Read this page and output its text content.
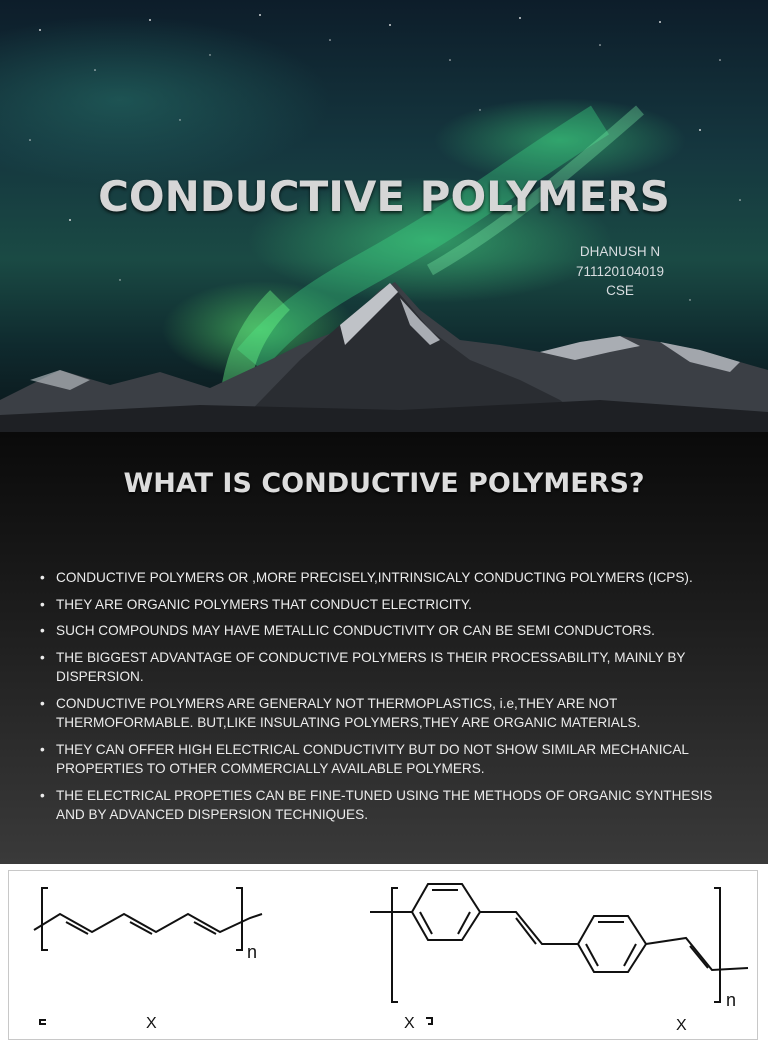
CONDUCTIVE POLYMERS
DHANUSH N
711120104019
CSE
WHAT IS CONDUCTIVE POLYMERS?
• CONDUCTIVE POLYMERS OR ,MORE PRECISELY,INTRINSICALY CONDUCTING POLYMERS (ICPS).
• THEY ARE ORGANIC POLYMERS THAT CONDUCT ELECTRICITY.
• SUCH COMPOUNDS MAY HAVE METALLIC CONDUCTIVITY OR CAN BE SEMI CONDUCTORS.
• THE BIGGEST ADVANTAGE OF CONDUCTIVE POLYMERS IS THEIR PROCESSABILITY, MAINLY BY DISPERSION.
• CONDUCTIVE POLYMERS ARE GENERALY NOT THERMOPLASTICS, i.e,THEY ARE NOT THERMOFORMABLE. BUT,LIKE INSULATING POLYMERS,THEY ARE ORGANIC MATERIALS.
• THEY CAN OFFER HIGH ELECTRICAL CONDUCTIVITY BUT DO NOT SHOW SIMILAR MECHANICAL PROPERTIES TO OTHER COMMERCIALLY AVAILABLE POLYMERS.
• THE ELECTRICAL PROPETIES CAN BE FINE-TUNED USING THE METHODS OF ORGANIC SYNTHESIS AND BY ADVANCED DISPERSION TECHNIQUES.
n
n
X	X	X
